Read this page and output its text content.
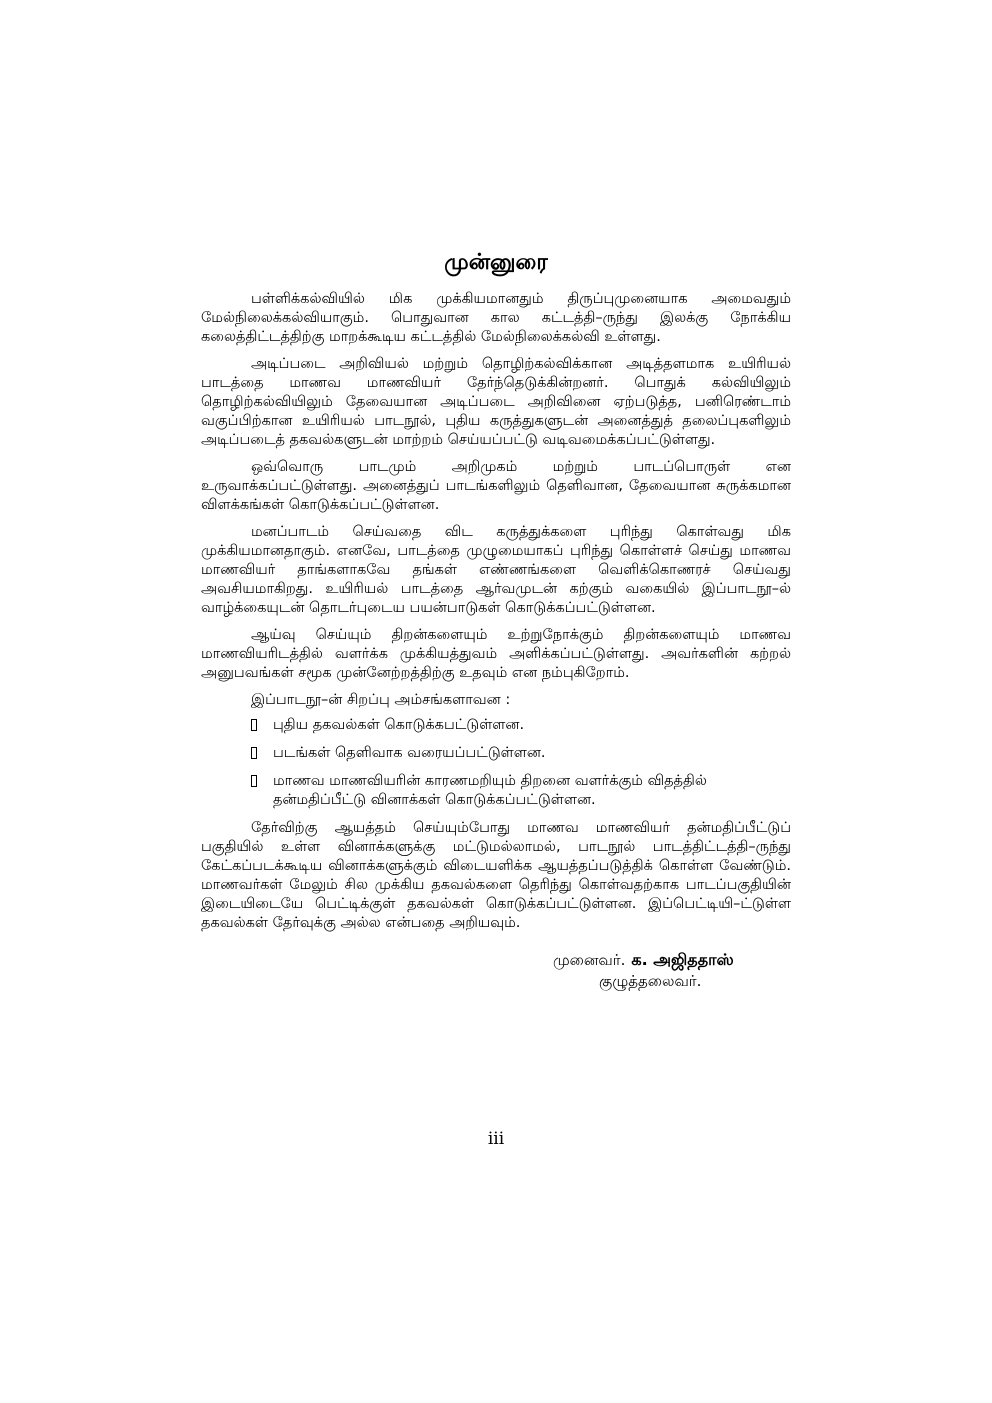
முன்னுரை

பள்ளிக்கல்வியில் மிக முக்கியமானதும் திருப்புமுனையாக அமைவதும் மேல்நிலைக்கல்வியாகும். பொதுவான கால கட்டத்தி–ருந்து இலக்கு நோக்கிய கலைத்திட்டத்திற்கு மாறக்கூடிய கட்டத்தில் மேல்நிலைக்கல்வி உள்ளது.

அடிப்படை அறிவியல் மற்றும் தொழிற்கல்விக்கான அடித்தளமாக உயிரியல் பாடத்தை மாணவ மாணவியர் தேர்ந்தெடுக்கின்றனர். பொதுக் கல்வியிலும் தொழிற்கல்வியிலும் தேவையான அடிப்படை அறிவினை ஏற்படுத்த, பனிரெண்டாம் வகுப்பிற்கான உயிரியல் பாடநூல், புதிய கருத்துகளுடன் அனைத்துத் தலைப்புகளிலும் அடிப்படைத் தகவல்களுடன் மாற்றம் செய்யப்பட்டு வடிவமைக்கப்பட்டுள்ளது.

ஒவ்வொரு பாடமும் அறிமுகம் மற்றும் பாடப்பொருள் என உருவாக்கப்பட்டுள்ளது. அனைத்துப் பாடங்களிலும் தெளிவான, தேவையான சுருக்கமான விளக்கங்கள் கொடுக்கப்பட்டுள்ளன.

மனப்பாடம் செய்வதை விட கருத்துக்களை புரிந்து கொள்வது மிக முக்கியமானதாகும். எனவே, பாடத்தை முழுமையாகப் புரிந்து கொள்ளச் செய்து மாணவ மாணவியர் தாங்களாகவே தங்கள் எண்ணங்களை வெளிக்கொணரச் செய்வது அவசியமாகிறது. உயிரியல் பாடத்தை ஆர்வமுடன் கற்கும் வகையில் இப்பாடநூ–ல் வாழ்க்கையுடன் தொடர்புடைய பயன்பாடுகள் கொடுக்கப்பட்டுள்ளன.

ஆய்வு செய்யும் திறன்களையும் உற்றுநோக்கும் திறன்களையும் மாணவ மாணவியரிடத்தில் வளர்க்க முக்கியத்துவம் அளிக்கப்பட்டுள்ளது. அவர்களின் கற்றல் அனுபவங்கள் சமூக முன்னேற்றத்திற்கு உதவும் என நம்புகிறோம்.

இப்பாடநூ–ன் சிறப்பு அம்சங்களாவன :

புதிய தகவல்கள் கொடுக்கபட்டுள்ளன.
படங்கள் தெளிவாக வரையப்பட்டுள்ளன.
மாணவ மாணவியரின் காரணமறியும் திறனை வளர்க்கும் விதத்தில் தன்மதிப்பீட்டு வினாக்கள் கொடுக்கப்பட்டுள்ளன.

தேர்விற்கு ஆயத்தம் செய்யும்போது மாணவ மாணவியர் தன்மதிப்பீட்டுப் பகுதியில் உள்ள வினாக்களுக்கு மட்டுமல்லாமல், பாடநூல் பாடத்திட்டத்தி–ருந்து கேட்கப்படக்கூடிய வினாக்களுக்கும் விடையளிக்க ஆயத்தப்படுத்திக் கொள்ள வேண்டும். மாணவர்கள் மேலும் சில முக்கிய தகவல்களை தெரிந்து கொள்வதற்காக பாடப்பகுதியின் இடையிடையே பெட்டிக்குள் தகவல்கள் கொடுக்கப்பட்டுள்ளன. இப்பெட்டியி–ட்டுள்ள தகவல்கள் தேர்வுக்கு அல்ல என்பதை அறியவும்.

முனைவர். க. அஜிததாஸ்
குழுத்தலைவர்.
iii
